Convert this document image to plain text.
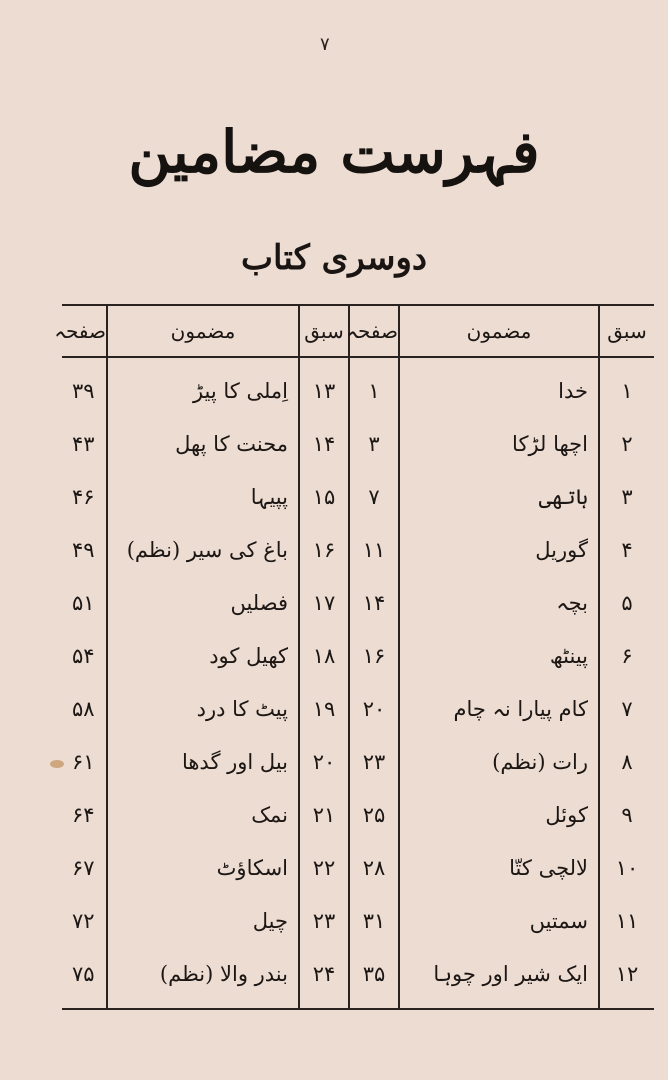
٧
فہرست مضامین
دوسری کتاب
سبق
مضمون
صفحہ
سبق
مضمون
صفحہ
۱
خدا
۱
۲
اچھا لڑکا
۳
۳
ہاتھی
٧
۴
گوریل
۱۱
۵
بچہ
۱۴
۶
پینٹھ
۱۶
٧
کام پیارا نہ چام
۲۰
۸
رات (نظم)
۲۳
۹
کوئل
۲۵
۱۰
لالچی کتّا
۲۸
۱۱
سمتیں
۳۱
۱۲
ایک شیر اور چوہا
۳۵
۱۳
اِملی کا پیڑ
۳۹
۱۴
محنت کا پھل
۴۳
۱۵
پپیہا
۴۶
۱۶
باغ کی سیر (نظم)
۴۹
۱٧
فصلیں
۵۱
۱۸
کھیل کود
۵۴
۱۹
پیٹ کا درد
۵۸
۲۰
بیل اور گدھا
۶۱
۲۱
نمک
۶۴
۲۲
اسکاؤٹ
۶٧
۲۳
چیل
٧۲
۲۴
بندر والا (نظم)
٧۵
